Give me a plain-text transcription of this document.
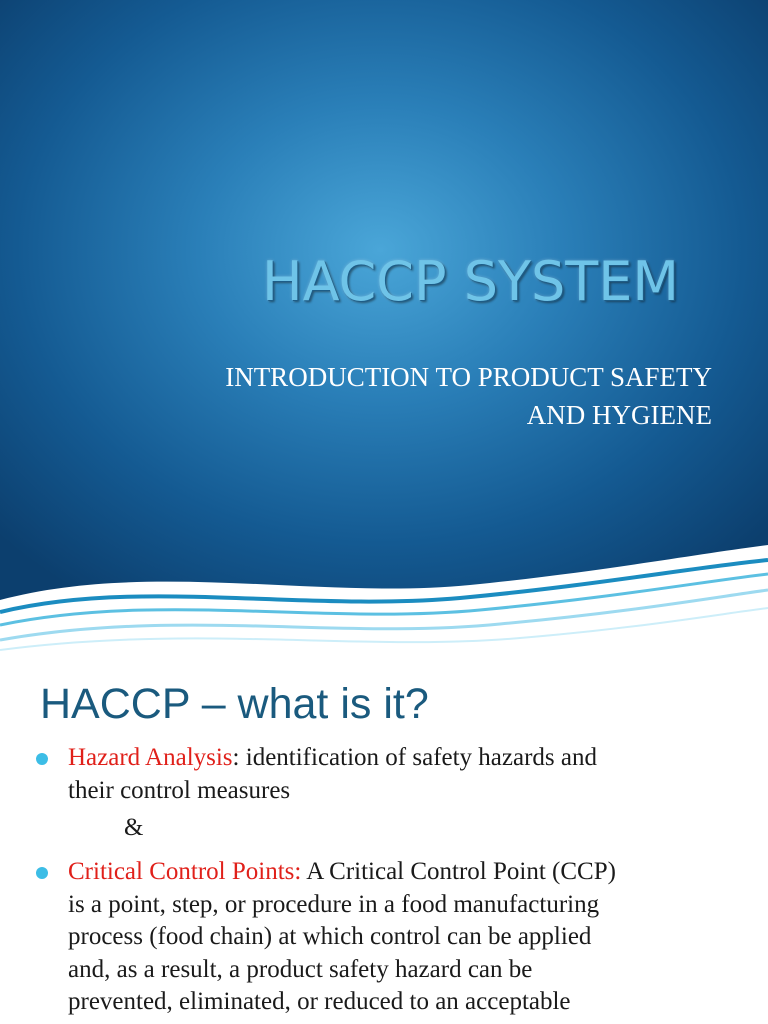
HACCP SYSTEM
INTRODUCTION TO PRODUCT SAFETY
AND HYGIENE
HACCP – what is it?
Hazard Analysis: identification of safety hazards and
their control measures
&
Critical Control Points: A Critical Control Point (CCP)
is a point, step, or procedure in a food manufacturing
process (food chain) at which control can be applied
and, as a result, a product safety hazard can be
prevented, eliminated, or reduced to an acceptable
